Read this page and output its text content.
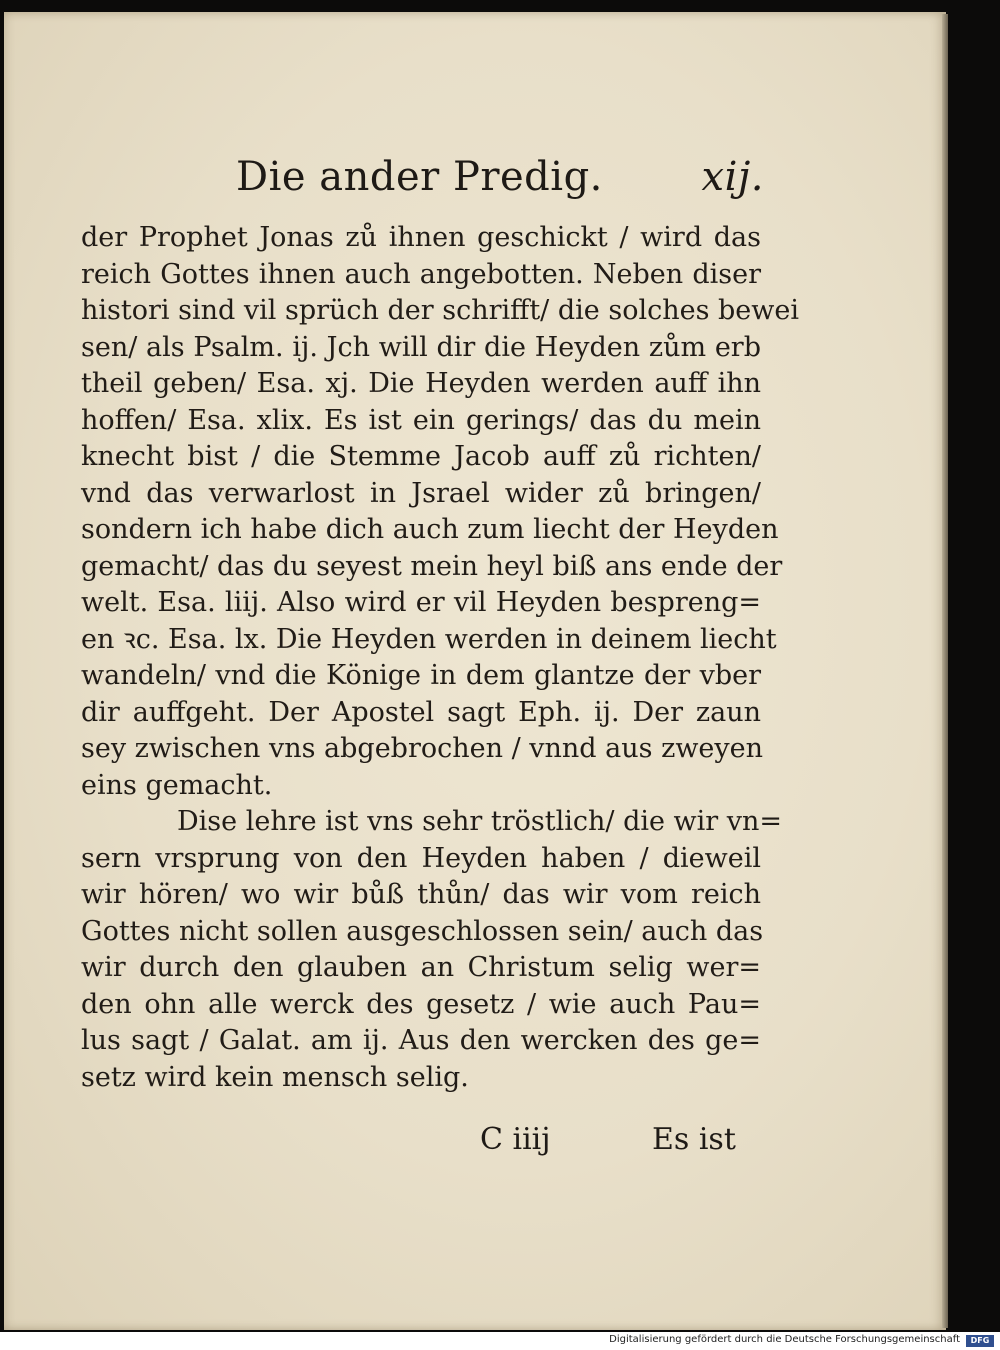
Die ander Predig. xij.
der Prophet Jonas zů ihnen geschickt / wird das
reich Gottes ihnen auch angebotten. Neben diser
histori sind vil sprüch der schrifft/ die solches bewei
sen/ als Psalm. ij. Jch will dir die Heyden zům erb
theil geben/ Esa. xj. Die Heyden werden auff ihn
hoffen/ Esa. xlix. Es ist ein gerings/ das du mein
knecht bist / die Stemme Jacob auff zů richten/
vnd das verwarlost in Jsrael wider zů bringen/
sondern ich habe dich auch zum liecht der Heyden
gemacht/ das du seyest mein heyl biß ans ende der
welt. Esa. liij. Also wird er vil Heyden bespreng=
en ꝛc. Esa. lx. Die Heyden werden in deinem liecht
wandeln/ vnd die Könige in dem glantze der vber
dir auffgeht. Der Apostel sagt Eph. ij. Der zaun
sey zwischen vns abgebrochen / vnnd aus zweyen
eins gemacht.
Dise lehre ist vns sehr tröstlich/ die wir vn=
sern vrsprung von den Heyden haben / dieweil
wir hören/ wo wir bůß thůn/ das wir vom reich
Gottes nicht sollen ausgeschlossen sein/ auch das
wir durch den glauben an Christum selig wer=
den ohn alle werck des gesetz / wie auch Pau=
lus sagt / Galat. am ij. Aus den wercken des ge=
setz wird kein mensch selig.
C iiij	Es ist
Digitalisierung gefördert durch die Deutsche Forschungsgemeinschaft	DFG
